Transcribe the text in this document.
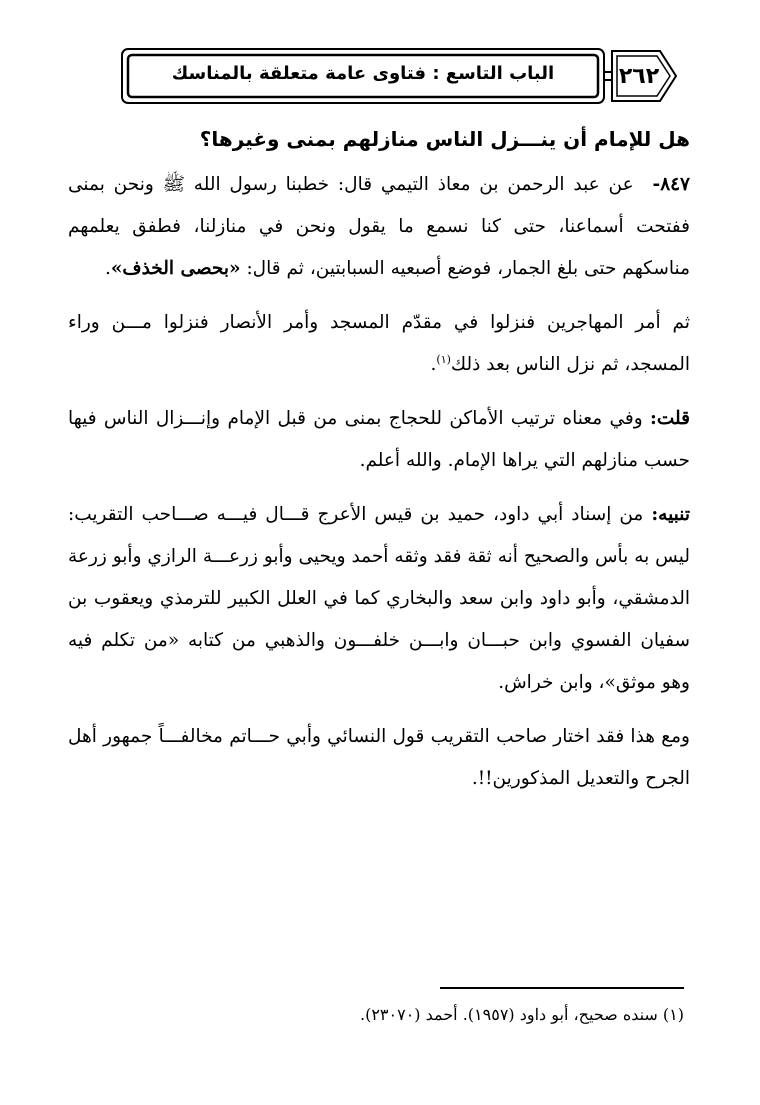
٢٦٢
الباب التاسع : فتاوى عامة متعلقة بالمناسك

هل للإمام أن ينـــزل الناس منازلهم بمنى وغيرها؟

٨٤٧- عن عبد الرحمن بن معاذ التيمي قال: خطبنا رسول الله ﷺ ونحن بمنى ففتحت أسماعنا، حتى كنا نسمع ما يقول ونحن في منازلنا، فطفق يعلمهم مناسكهم حتى بلغ الجمار، فوضع أصبعيه السبابتين، ثم قال: «بحصى الخذف».

ثم أمر المهاجرين فنزلوا في مقدّم المسجد وأمر الأنصار فنزلوا مـــن وراء المسجد، ثم نزل الناس بعد ذلك$^{(١)}$.

قلت: وفي معناه ترتيب الأماكن للحجاج بمنى من قبل الإمام وإنـــزال الناس فيها حسب منازلهم التي يراها الإمام. والله أعلم.

تنبيه: من إسناد أبي داود، حميد بن قيس الأعرج قـــال فيـــه صـــاحب التقريب: ليس به بأس والصحيح أنه ثقة فقد وثقه أحمد ويحيى وأبو زرعـــة الرازي وأبو زرعة الدمشقي، وأبو داود وابن سعد والبخاري كما في العلل الكبير للترمذي ويعقوب بن سفيان الفسوي وابن حبـــان وابـــن خلفـــون والذهبي من كتابه «من تكلم فيه وهو موثق»، وابن خراش.

ومع هذا فقد اختار صاحب التقريب قول النسائي وأبي حـــاتم مخالفـــاً جمهور أهل الجرح والتعديل المذكورين!!.

(١) سنده صحيح، أبو داود (١٩٥٧). أحمد (٢٣٠٧٠).
